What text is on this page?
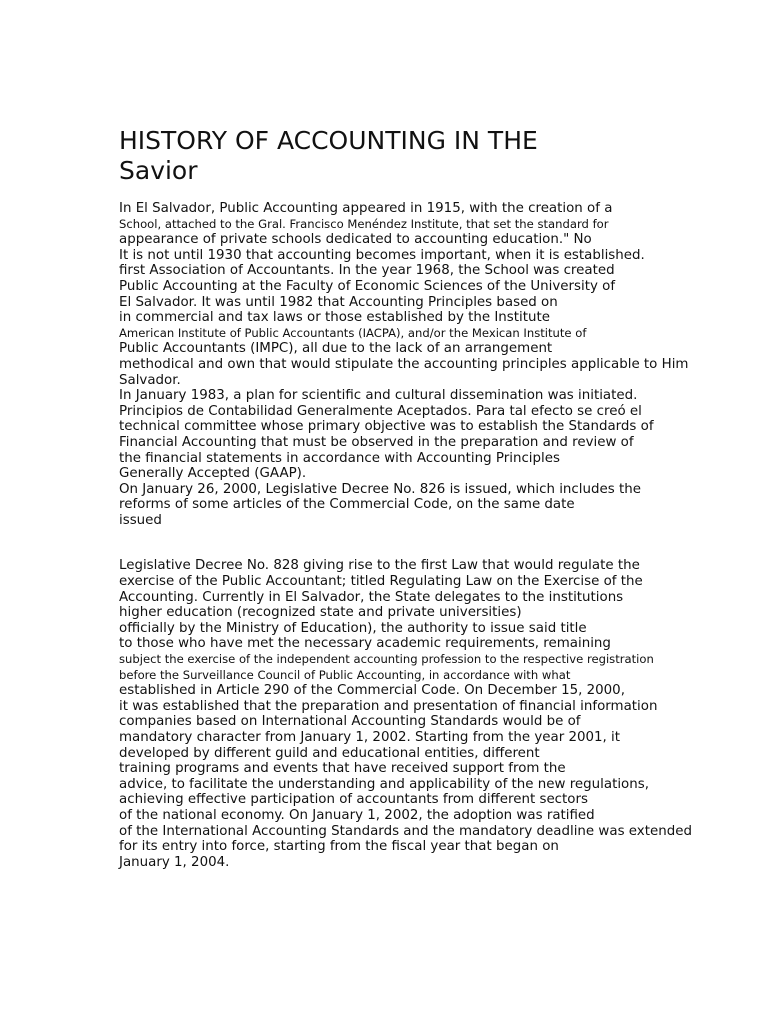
HISTORY OF ACCOUNTING IN THE
Savior
In El Salvador, Public Accounting appeared in 1915, with the creation of a
School, attached to the Gral. Francisco Menéndez Institute, that set the standard for
appearance of private schools dedicated to accounting education." No
It is not until 1930 that accounting becomes important, when it is established.
first Association of Accountants. In the year 1968, the School was created
Public Accounting at the Faculty of Economic Sciences of the University of
El Salvador. It was until 1982 that Accounting Principles based on
in commercial and tax laws or those established by the Institute
American Institute of Public Accountants (IACPA), and/or the Mexican Institute of
Public Accountants (IMPC), all due to the lack of an arrangement
methodical and own that would stipulate the accounting principles applicable to Him
Salvador.
In January 1983, a plan for scientific and cultural dissemination was initiated.
Principios de Contabilidad Generalmente Aceptados. Para tal efecto se creó el
technical committee whose primary objective was to establish the Standards of
Financial Accounting that must be observed in the preparation and review of
the financial statements in accordance with Accounting Principles
Generally Accepted (GAAP).
On January 26, 2000, Legislative Decree No. 826 is issued, which includes the
reforms of some articles of the Commercial Code, on the same date
issued
Legislative Decree No. 828 giving rise to the first Law that would regulate the
exercise of the Public Accountant; titled Regulating Law on the Exercise of the
Accounting. Currently in El Salvador, the State delegates to the institutions
higher education (recognized state and private universities)
officially by the Ministry of Education), the authority to issue said title
to those who have met the necessary academic requirements, remaining
subject the exercise of the independent accounting profession to the respective registration
before the Surveillance Council of Public Accounting, in accordance with what
established in Article 290 of the Commercial Code. On December 15, 2000,
it was established that the preparation and presentation of financial information
companies based on International Accounting Standards would be of
mandatory character from January 1, 2002. Starting from the year 2001, it
developed by different guild and educational entities, different
training programs and events that have received support from the
advice, to facilitate the understanding and applicability of the new regulations,
achieving effective participation of accountants from different sectors
of the national economy. On January 1, 2002, the adoption was ratified
of the International Accounting Standards and the mandatory deadline was extended
for its entry into force, starting from the fiscal year that began on
January 1, 2004.
